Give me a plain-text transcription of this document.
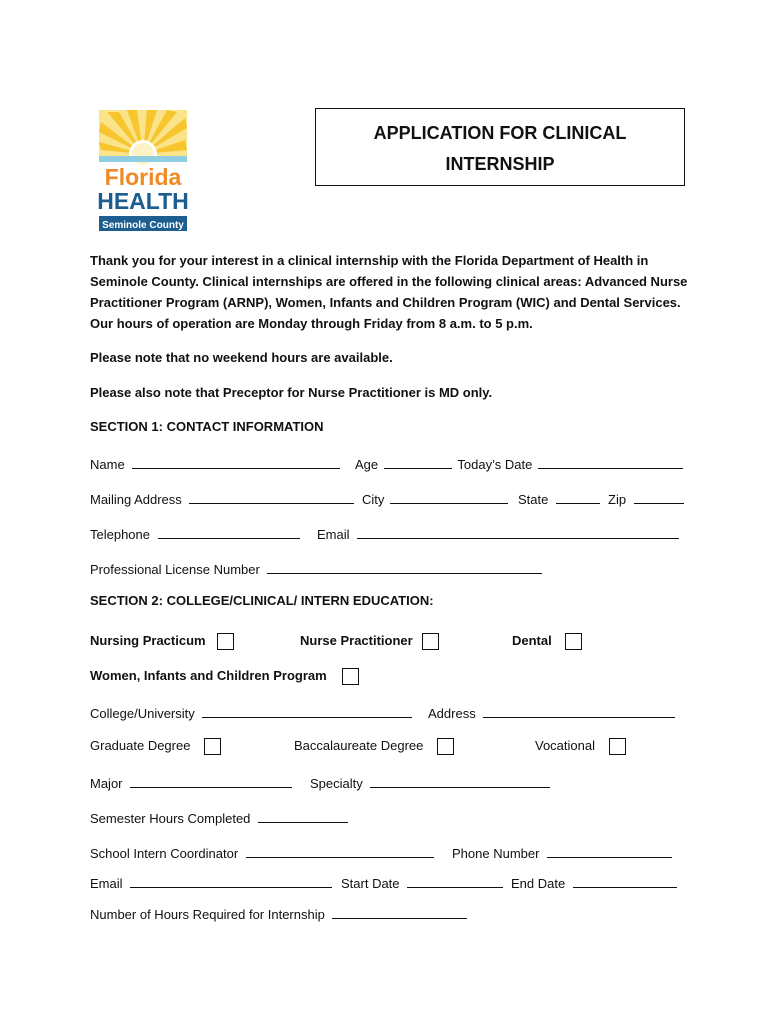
Florida
HEALTH
Seminole County
APPLICATION FOR CLINICAL
INTERNSHIP
Thank you for your interest in a clinical internship with the Florida Department of Health in Seminole County. Clinical internships are offered in the following clinical areas: Advanced Nurse Practitioner Program (ARNP), Women, Infants and Children Program (WIC) and Dental Services. Our hours of operation are Monday through Friday from 8 a.m. to 5 p.m.
Please note that no weekend hours are available.
Please also note that Preceptor for Nurse Practitioner is MD only.
SECTION 1: CONTACT INFORMATION
Name	Age	Today’s Date
Mailing Address	City	State	Zip
Telephone	Email
Professional License Number
SECTION 2: COLLEGE/CLINICAL/ INTERN EDUCATION:
Nursing Practicum	Nurse Practitioner	Dental
Women, Infants and Children Program
College/University	Address
Graduate Degree	Baccalaureate Degree	Vocational
Major	Specialty
Semester Hours Completed
School Intern Coordinator	Phone Number
Email	Start Date	End Date
Number of Hours Required for Internship
